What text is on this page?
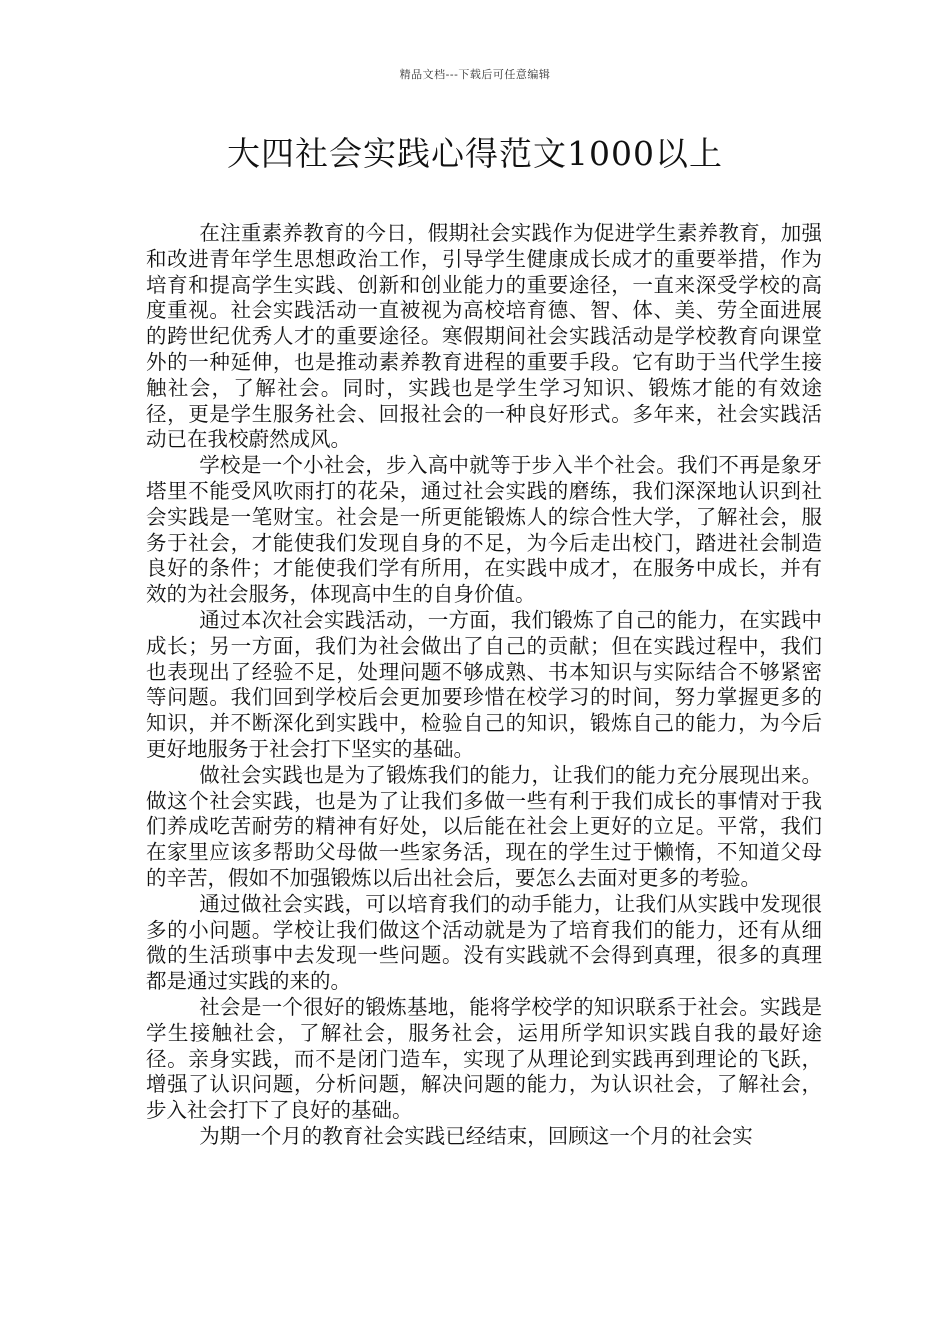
精品文档---下载后可任意编辑
大四社会实践心得范文1000以上

在注重素养教育的今日，假期社会实践作为促进学生素养教育，加强和改进青年学生思想政治工作，引导学生健康成长成才的重要举措，作为培育和提高学生实践、创新和创业能力的重要途径，一直来深受学校的高度重视。社会实践活动一直被视为高校培育德、智、体、美、劳全面进展的跨世纪优秀人才的重要途径。寒假期间社会实践活动是学校教育向课堂外的一种延伸，也是推动素养教育进程的重要手段。它有助于当代学生接触社会，了解社会。同时，实践也是学生学习知识、锻炼才能的有效途径，更是学生服务社会、回报社会的一种良好形式。多年来，社会实践活动已在我校蔚然成风。

学校是一个小社会，步入高中就等于步入半个社会。我们不再是象牙塔里不能受风吹雨打的花朵，通过社会实践的磨练，我们深深地认识到社会实践是一笔财宝。社会是一所更能锻炼人的综合性大学，了解社会，服务于社会，才能使我们发现自身的不足，为今后走出校门，踏进社会制造良好的条件；才能使我们学有所用，在实践中成才，在服务中成长，并有效的为社会服务，体现高中生的自身价值。

通过本次社会实践活动，一方面，我们锻炼了自己的能力，在实践中成长；另一方面，我们为社会做出了自己的贡献；但在实践过程中，我们也表现出了经验不足，处理问题不够成熟、书本知识与实际结合不够紧密等问题。我们回到学校后会更加要珍惜在校学习的时间，努力掌握更多的知识，并不断深化到实践中，检验自己的知识，锻炼自己的能力，为今后更好地服务于社会打下坚实的基础。

做社会实践也是为了锻炼我们的能力，让我们的能力充分展现出来。做这个社会实践，也是为了让我们多做一些有利于我们成长的事情对于我们养成吃苦耐劳的精神有好处，以后能在社会上更好的立足。平常，我们在家里应该多帮助父母做一些家务活，现在的学生过于懒惰，不知道父母的辛苦，假如不加强锻炼以后出社会后，要怎么去面对更多的考验。

通过做社会实践，可以培育我们的动手能力，让我们从实践中发现很多的小问题。学校让我们做这个活动就是为了培育我们的能力，还有从细微的生活琐事中去发现一些问题。没有实践就不会得到真理，很多的真理都是通过实践的来的。

社会是一个很好的锻炼基地，能将学校学的知识联系于社会。实践是学生接触社会，了解社会，服务社会，运用所学知识实践自我的最好途径。亲身实践，而不是闭门造车，实现了从理论到实践再到理论的飞跃，增强了认识问题，分析问题，解决问题的能力，为认识社会，了解社会，步入社会打下了良好的基础。

为期一个月的教育社会实践已经结束，回顾这一个月的社会实
